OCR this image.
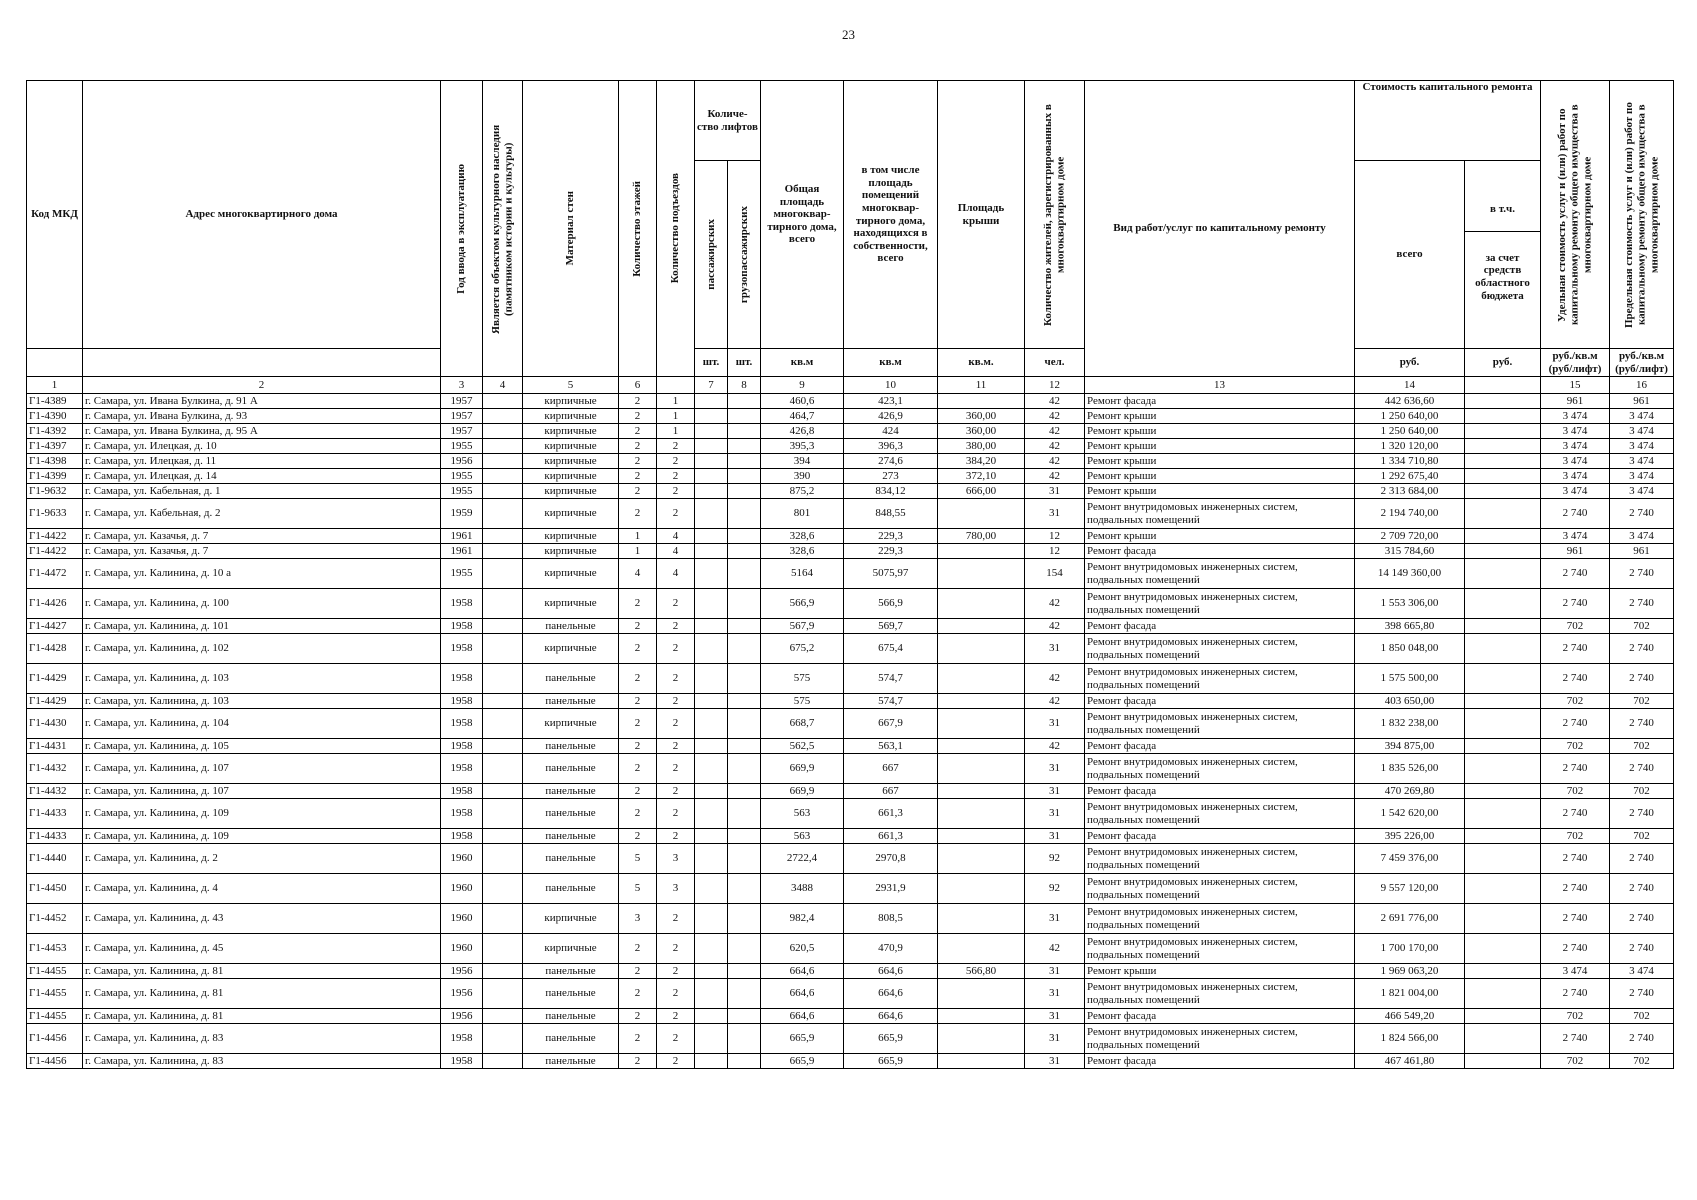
23
Код МКД	Адрес многоквартирного дома	Год ввода в эксплуатацию	Является объектом культурного наследия (памятником истории и культуры)	Материал стен	Количество этажей	Количество подъездов	Количе-ство лифтов		Общая площадь многоквар-тирного дома, всего	в том числе площадь помещений многоквар-тирного дома, находящихся в собственности, всего	Площадь крыши	Количество жителей, зарегистрированных в многоквартирном доме	Вид работ/услуг по капитальному ремонту	Стоимость капитального ремонта		Удельная стоимость услуг и (или) работ по капитальному ремонту общего имущества в многоквартирном доме	Предельная стоимость услуг и (или) работ по капитальному ремонту общего имущества в многоквартирном доме

							пассажирских	грузопассажирских						всего	в т.ч.
за счет средств областного бюджета		

							шт.	шт.	кв.м	кв.м	кв.м.	чел.		руб.	руб.	руб./кв.м (руб/лифт)	руб./кв.м (руб/лифт)
1	2	3	4	5	6		7	8	9	10	11	12	13	14		15	16
Г1-4389	г. Самара, ул. Ивана Булкина, д. 91 А	1957		кирпичные	2	1			460,6	423,1		42	Ремонт фасада	442 636,60		961	961
Г1-4390	г. Самара, ул. Ивана Булкина, д. 93	1957		кирпичные	2	1			464,7	426,9	360,00	42	Ремонт крыши	1 250 640,00		3 474	3 474
Г1-4392	г. Самара, ул. Ивана Булкина, д. 95 А	1957		кирпичные	2	1			426,8	424	360,00	42	Ремонт крыши	1 250 640,00		3 474	3 474
Г1-4397	г. Самара, ул. Илецкая, д. 10	1955		кирпичные	2	2			395,3	396,3	380,00	42	Ремонт крыши	1 320 120,00		3 474	3 474
Г1-4398	г. Самара, ул. Илецкая, д. 11	1956		кирпичные	2	2			394	274,6	384,20	42	Ремонт крыши	1 334 710,80		3 474	3 474
Г1-4399	г. Самара, ул. Илецкая, д. 14	1955		кирпичные	2	2			390	273	372,10	42	Ремонт крыши	1 292 675,40		3 474	3 474
Г1-9632	г. Самара, ул. Кабельная, д. 1	1955		кирпичные	2	2			875,2	834,12	666,00	31	Ремонт крыши	2 313 684,00		3 474	3 474
Г1-9633	г. Самара, ул. Кабельная, д. 2	1959		кирпичные	2	2			801	848,55		31	Ремонт внутридомовых инженерных систем, подвальных помещений	2 194 740,00		2 740	2 740
Г1-4422	г. Самара, ул. Казачья, д. 7	1961		кирпичные	1	4			328,6	229,3	780,00	12	Ремонт крыши	2 709 720,00		3 474	3 474
Г1-4422	г. Самара, ул. Казачья, д. 7	1961		кирпичные	1	4			328,6	229,3		12	Ремонт фасада	315 784,60		961	961
Г1-4472	г. Самара, ул. Калинина, д. 10 а	1955		кирпичные	4	4			5164	5075,97		154	Ремонт внутридомовых инженерных систем, подвальных помещений	14 149 360,00		2 740	2 740
Г1-4426	г. Самара, ул. Калинина, д. 100	1958		кирпичные	2	2			566,9	566,9		42	Ремонт внутридомовых инженерных систем, подвальных помещений	1 553 306,00		2 740	2 740
Г1-4427	г. Самара, ул. Калинина, д. 101	1958		панельные	2	2			567,9	569,7		42	Ремонт фасада	398 665,80		702	702
Г1-4428	г. Самара, ул. Калинина, д. 102	1958		кирпичные	2	2			675,2	675,4		31	Ремонт внутридомовых инженерных систем, подвальных помещений	1 850 048,00		2 740	2 740
Г1-4429	г. Самара, ул. Калинина, д. 103	1958		панельные	2	2			575	574,7		42	Ремонт внутридомовых инженерных систем, подвальных помещений	1 575 500,00		2 740	2 740
Г1-4429	г. Самара, ул. Калинина, д. 103	1958		панельные	2	2			575	574,7		42	Ремонт фасада	403 650,00		702	702
Г1-4430	г. Самара, ул. Калинина, д. 104	1958		кирпичные	2	2			668,7	667,9		31	Ремонт внутридомовых инженерных систем, подвальных помещений	1 832 238,00		2 740	2 740
Г1-4431	г. Самара, ул. Калинина, д. 105	1958		панельные	2	2			562,5	563,1		42	Ремонт фасада	394 875,00		702	702
Г1-4432	г. Самара, ул. Калинина, д. 107	1958		панельные	2	2			669,9	667		31	Ремонт внутридомовых инженерных систем, подвальных помещений	1 835 526,00		2 740	2 740
Г1-4432	г. Самара, ул. Калинина, д. 107	1958		панельные	2	2			669,9	667		31	Ремонт фасада	470 269,80		702	702
Г1-4433	г. Самара, ул. Калинина, д. 109	1958		панельные	2	2			563	661,3		31	Ремонт внутридомовых инженерных систем, подвальных помещений	1 542 620,00		2 740	2 740
Г1-4433	г. Самара, ул. Калинина, д. 109	1958		панельные	2	2			563	661,3		31	Ремонт фасада	395 226,00		702	702
Г1-4440	г. Самара, ул. Калинина, д. 2	1960		панельные	5	3			2722,4	2970,8		92	Ремонт внутридомовых инженерных систем, подвальных помещений	7 459 376,00		2 740	2 740
Г1-4450	г. Самара, ул. Калинина, д. 4	1960		панельные	5	3			3488	2931,9		92	Ремонт внутридомовых инженерных систем, подвальных помещений	9 557 120,00		2 740	2 740
Г1-4452	г. Самара, ул. Калинина, д. 43	1960		кирпичные	3	2			982,4	808,5		31	Ремонт внутридомовых инженерных систем, подвальных помещений	2 691 776,00		2 740	2 740
Г1-4453	г. Самара, ул. Калинина, д. 45	1960		кирпичные	2	2			620,5	470,9		42	Ремонт внутридомовых инженерных систем, подвальных помещений	1 700 170,00		2 740	2 740
Г1-4455	г. Самара, ул. Калинина, д. 81	1956		панельные	2	2			664,6	664,6	566,80	31	Ремонт крыши	1 969 063,20		3 474	3 474
Г1-4455	г. Самара, ул. Калинина, д. 81	1956		панельные	2	2			664,6	664,6		31	Ремонт внутридомовых инженерных систем, подвальных помещений	1 821 004,00		2 740	2 740
Г1-4455	г. Самара, ул. Калинина, д. 81	1956		панельные	2	2			664,6	664,6		31	Ремонт фасада	466 549,20		702	702
Г1-4456	г. Самара, ул. Калинина, д. 83	1958		панельные	2	2			665,9	665,9		31	Ремонт внутридомовых инженерных систем, подвальных помещений	1 824 566,00		2 740	2 740
Г1-4456	г. Самара, ул. Калинина, д. 83	1958		панельные	2	2			665,9	665,9		31	Ремонт фасада	467 461,80		702	702
